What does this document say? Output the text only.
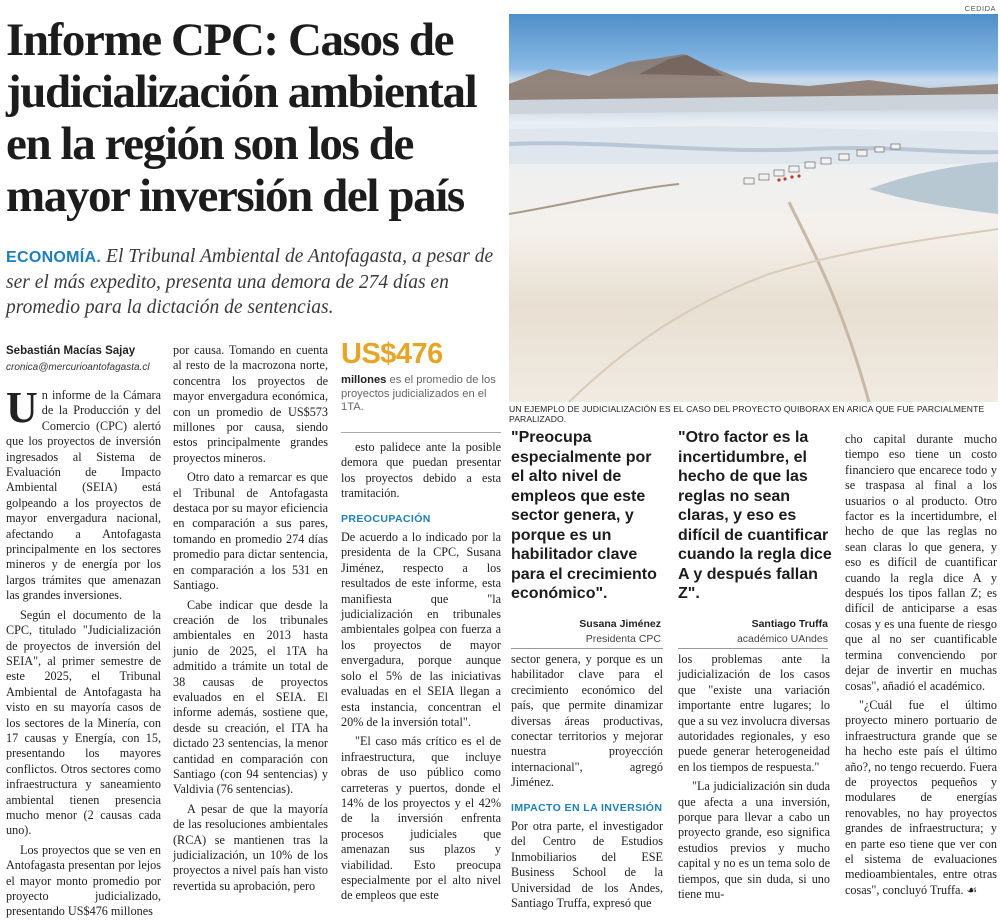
Informe CPC: Casos de judicialización ambiental en la región son los de mayor inversión del país
ECONOMÍA. El Tribunal Ambiental de Antofagasta, a pesar de ser el más expedito, presenta una demora de 274 días en promedio para la dictación de sentencias.
CEDIDA
UN EJEMPLO DE JUDICIALIZACIÓN ES EL CASO DEL PROYECTO QUIBORAX EN ARICA QUE FUE PARCIALMENTE PARALIZADO.
Sebastián Macías Sajay
cronica@mercurioantofagasta.cl

Un informe de la Cámara de la Producción y del Comercio (CPC) alertó que los proyectos de inversión ingresados al Sistema de Evaluación de Impacto Ambiental (SEIA) está golpeando a los proyectos de mayor envergadura nacional, afectando a Antofagasta principalmente en los sectores mineros y de energía por los largos trámites que amenazan las grandes inversiones.

Según el documento de la CPC, titulado "Judicialización de proyectos de inversión del SEIA", al primer semestre de este 2025, el Tribunal Ambiental de Antofagasta ha visto en su mayoría casos de los sectores de la Minería, con 17 causas y Energía, con 15, presentando los mayores conflictos. Otros sectores como infraestructura y saneamiento ambiental tienen presencia mucho menor (2 causas cada uno).

Los proyectos que se ven en Antofagasta presentan por lejos el mayor monto promedio por proyecto judicializado, presentando US$476 millones

por causa. Tomando en cuenta al resto de la macrozona norte, concentra los proyectos de mayor envergadura económica, con un promedio de US$573 millones por causa, siendo estos principalmente grandes proyectos mineros.

Otro dato a remarcar es que el Tribunal de Antofagasta destaca por su mayor eficiencia en comparación a sus pares, tomando en promedio 274 días promedio para dictar sentencia, en comparación a los 531 en Santiago.

Cabe indicar que desde la creación de los tribunales ambientales en 2013 hasta junio de 2025, el 1TA ha admitido a trámite un total de 38 causas de proyectos evaluados en el SEIA. El informe además, sostiene que, desde su creación, el ITA ha dictado 23 sentencias, la menor cantidad en comparación con Santiago (con 94 sentencias) y Valdivia (76 sentencias).

A pesar de que la mayoría de las resoluciones ambientales (RCA) se mantienen tras la judicialización, un 10% de los proyectos a nivel país han visto revertida su aprobación, pero

US$476
millones es el promedio de los proyectos judicializados en el 1TA.

esto palidece ante la posible demora que puedan presentar los proyectos debido a esta tramitación.

PREOCUPACIÓN

De acuerdo a lo indicado por la presidenta de la CPC, Susana Jiménez, respecto a los resultados de este informe, esta manifiesta que "la judicialización en tribunales ambientales golpea con fuerza a los proyectos de mayor envergadura, porque aunque solo el 5% de las iniciativas evaluadas en el SEIA llegan a esta instancia, concentran el 20% de la inversión total".

"El caso más crítico es el de infraestructura, que incluye obras de uso público como carreteras y puertos, donde el 14% de los proyectos y el 42% de la inversión enfrenta procesos judiciales que amenazan sus plazos y viabilidad. Esto preocupa especialmente por el alto nivel de empleos que este

"Preocupa especialmente por el alto nivel de empleos que este sector genera, y porque es un habilitador clave para el crecimiento económico".
Susana Jiménez
Presidenta CPC
"Otro factor es la incertidumbre, el hecho de que las reglas no sean claras, y eso es difícil de cuantificar cuando la regla dice A y después fallan Z".
Santiago Truffa
académico UAndes

sector genera, y porque es un habilitador clave para el crecimiento económico del país, que permite dinamizar diversas áreas productivas, conectar territorios y mejorar nuestra proyección internacional", agregó Jiménez.

IMPACTO EN LA INVERSIÓN

Por otra parte, el investigador del Centro de Estudios Inmobiliarios del ESE Business School de la Universidad de los Andes, Santiago Truffa, expresó que

los problemas ante la judicialización de los casos que "existe una variación importante entre lugares; lo que a su vez involucra diversas autoridades regionales, y eso puede generar heterogeneidad en los tiempos de respuesta."

"La judicialización sin duda que afecta a una inversión, porque para llevar a cabo un proyecto grande, eso significa estudios previos y mucho capital y no es un tema solo de tiempos, que sin duda, si uno tiene mu-

cho capital durante mucho tiempo eso tiene un costo financiero que encarece todo y se traspasa al final a los usuarios o al producto. Otro factor es la incertidumbre, el hecho de que las reglas no sean claras lo que genera, y eso es difícil de cuantificar cuando la regla dice A y después los tipos fallan Z; es difícil de anticiparse a esas cosas y es una fuente de riesgo que al no ser cuantificable termina convenciendo por dejar de invertir en muchas cosas", añadió el académico.

"¿Cuál fue el último proyecto minero portuario de infraestructura grande que se ha hecho este país el último año?, no tengo recuerdo. Fuera de proyectos pequeños y modulares de energías renovables, no hay proyectos grandes de infraestructura; y en parte eso tiene que ver con el sistema de evaluaciones medioambientales, entre otras cosas", concluyó Truffa. ☙
